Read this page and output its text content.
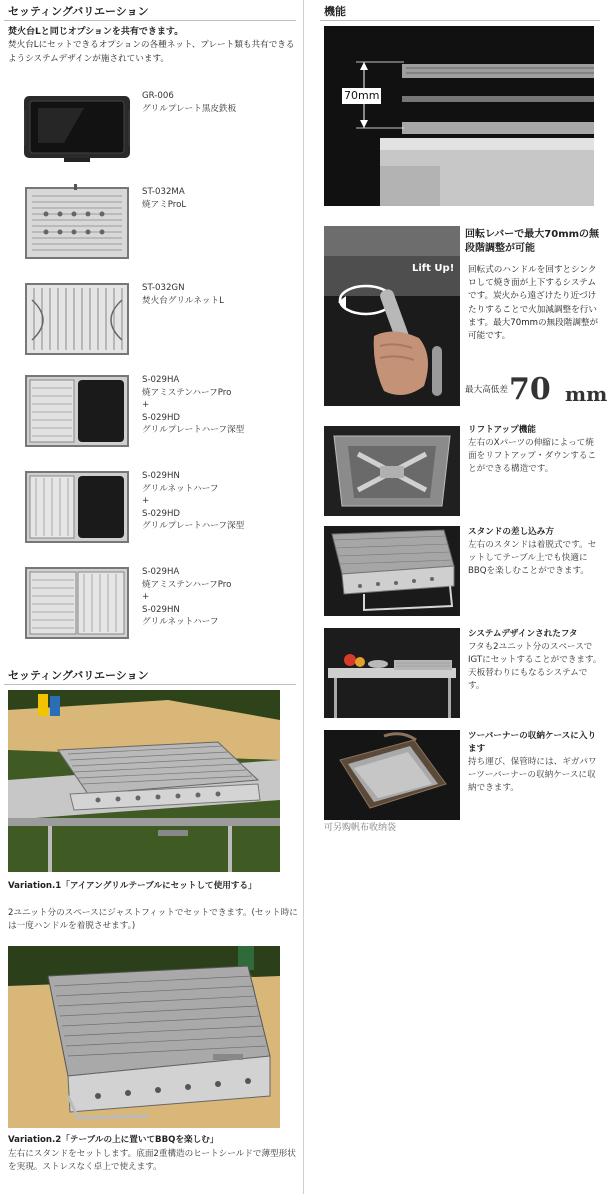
セッティングバリエーション
焚火台Lと同じオプションを共有できます。
焚火台Lにセットできるオプションの各種ネット、プレート類も共有できるようシステムデザインが施されています。
GR-006
グリルプレート黒皮鉄板
ST-032MA
焼アミProL
ST-032GN
焚火台グリルネットL
S-029HA
焼アミステンハーフPro
+
S-029HD
グリルプレートハーフ深型
S-029HN
グリルネットハーフ
+
S-029HD
グリルプレートハーフ深型
S-029HA
焼アミステンハーフPro
+
S-029HN
グリルネットハーフ
セッティングバリエーション
Variation.1「アイアングリルテーブルにセットして使用する」
2ユニット分のスペースにジャストフィットでセットできます。(セット時には一度ハンドルを着脱させます。)
Variation.2「テーブルの上に置いてBBQを楽しむ」
左右にスタンドをセットします。底面2重構造のヒートシールドで薄型形状を実現。ストレスなく卓上で使えます。
機能
70mm
Lift Up!
回転レバーで最大70mmの無段階調整が可能
回転式のハンドルを回すとシンクロして焼き面が上下するシステムです。炭火から遠ざけたり近づけたりすることで火加減調整を行います。最大70mmの無段階調整が可能です。
最大高低差 70 mm
リフトアップ機能
左右のXパーツの伸縮によって焼面をリフトアップ・ダウンすることができる構造です。
スタンドの差し込み方
左右のスタンドは着脱式です。セットしてテーブル上でも快適にBBQを楽しむことができます。
システムデザインされたフタ
フタも2ユニット分のスペースでIGTにセットすることができます。天板替わりにもなるシステムです。
ツーバーナーの収納ケースに入ります
持ち運び、保管時には、ギガパワーツーバーナーの収納ケースに収納できます。
可另购帆布收纳袋
